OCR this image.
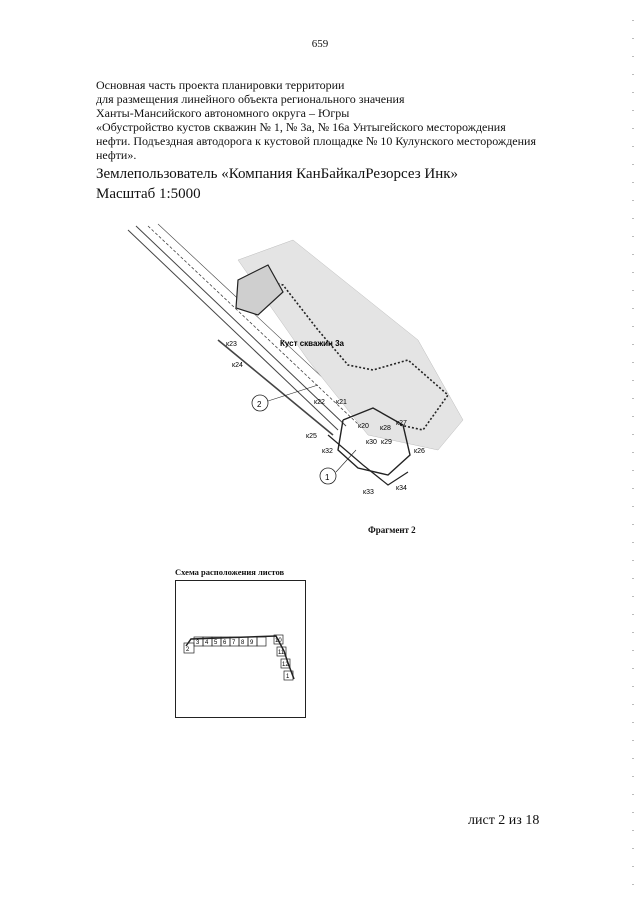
659
Основная часть проекта планировки территории
для размещения линейного объекта регионального значения
Ханты-Мансийского автономного округа – Югры
«Обустройство кустов скважин № 1, № 3а, № 16а Унтыгейского месторождения
нефти. Подъездная автодорога к кустовой площадке № 10 Кулунского месторождения
нефти».
Землепользователь «Компания КанБайкалРезорсез Инк»
Масштаб 1:5000
Куст скважин 3а
к23
к24
к22 к21
к20 к28
к27
к25
к30 к29
к32	к26
к33
к34
2
1
Фрагмент 2
Схема расположения листов
1
2
3 4 5 6 7 8 9	10
11
12
лист 2 из 18
